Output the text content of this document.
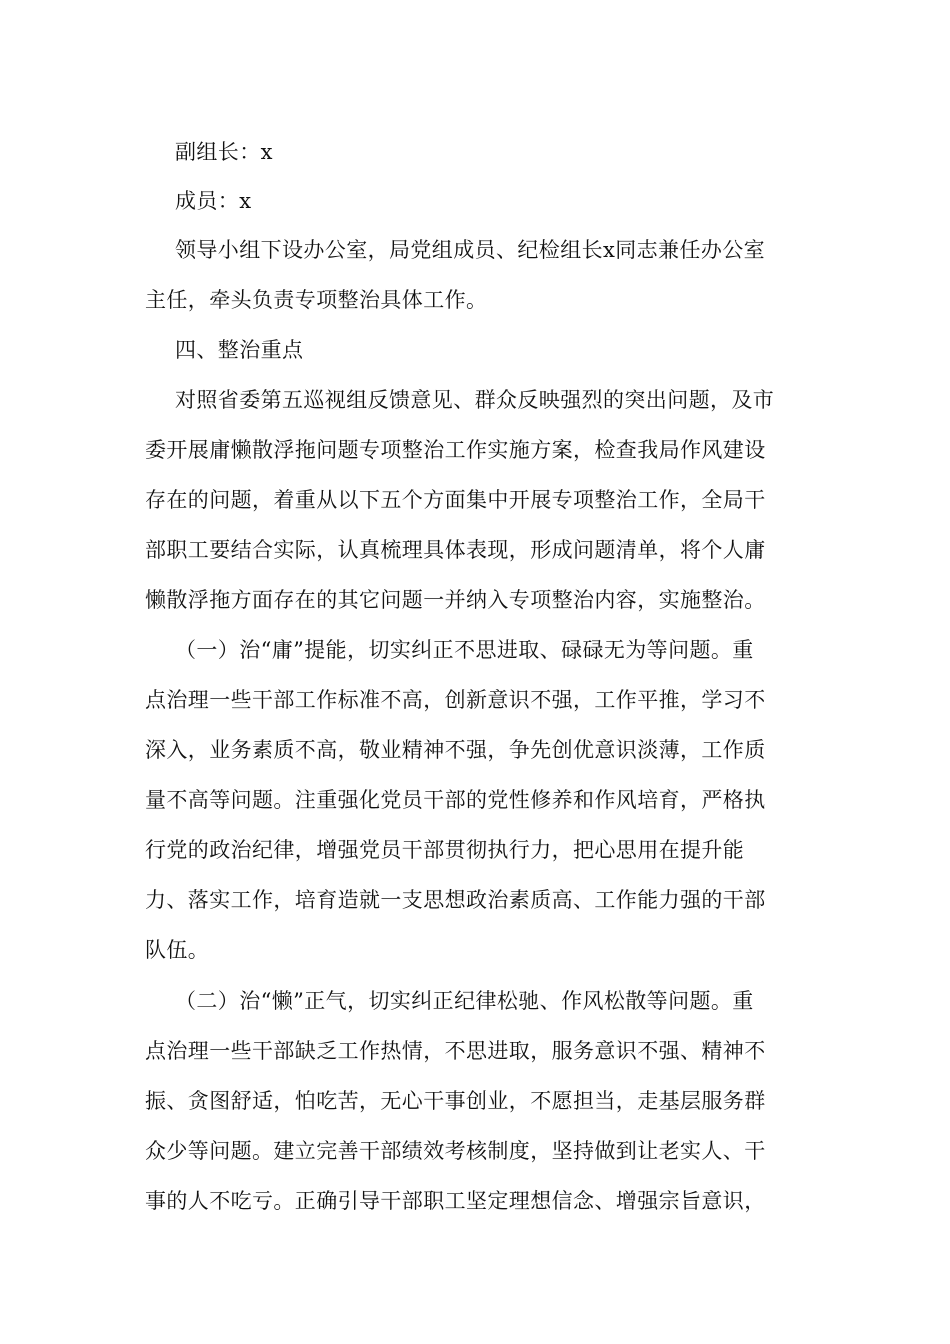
副组长：x
成员：x
领导小组下设办公室，局党组成员、纪检组长x同志兼任办公室
主任，牵头负责专项整治具体工作。
四、整治重点
对照省委第五巡视组反馈意见、群众反映强烈的突出问题，及市
委开展庸懒散浮拖问题专项整治工作实施方案，检查我局作风建设
存在的问题，着重从以下五个方面集中开展专项整治工作，全局干
部职工要结合实际，认真梳理具体表现，形成问题清单，将个人庸
懒散浮拖方面存在的其它问题一并纳入专项整治内容，实施整治。
（一）治“庸”提能，切实纠正不思进取、碌碌无为等问题。重
点治理一些干部工作标准不高，创新意识不强，工作平推，学习不
深入，业务素质不高，敬业精神不强，争先创优意识淡薄，工作质
量不高等问题。注重强化党员干部的党性修养和作风培育，严格执
行党的政治纪律，增强党员干部贯彻执行力，把心思用在提升能
力、落实工作，培育造就一支思想政治素质高、工作能力强的干部
队伍。
（二）治“懒”正气，切实纠正纪律松驰、作风松散等问题。重
点治理一些干部缺乏工作热情，不思进取，服务意识不强、精神不
振、贪图舒适，怕吃苦，无心干事创业，不愿担当，走基层服务群
众少等问题。建立完善干部绩效考核制度，坚持做到让老实人、干
事的人不吃亏。正确引导干部职工坚定理想信念、增强宗旨意识，
